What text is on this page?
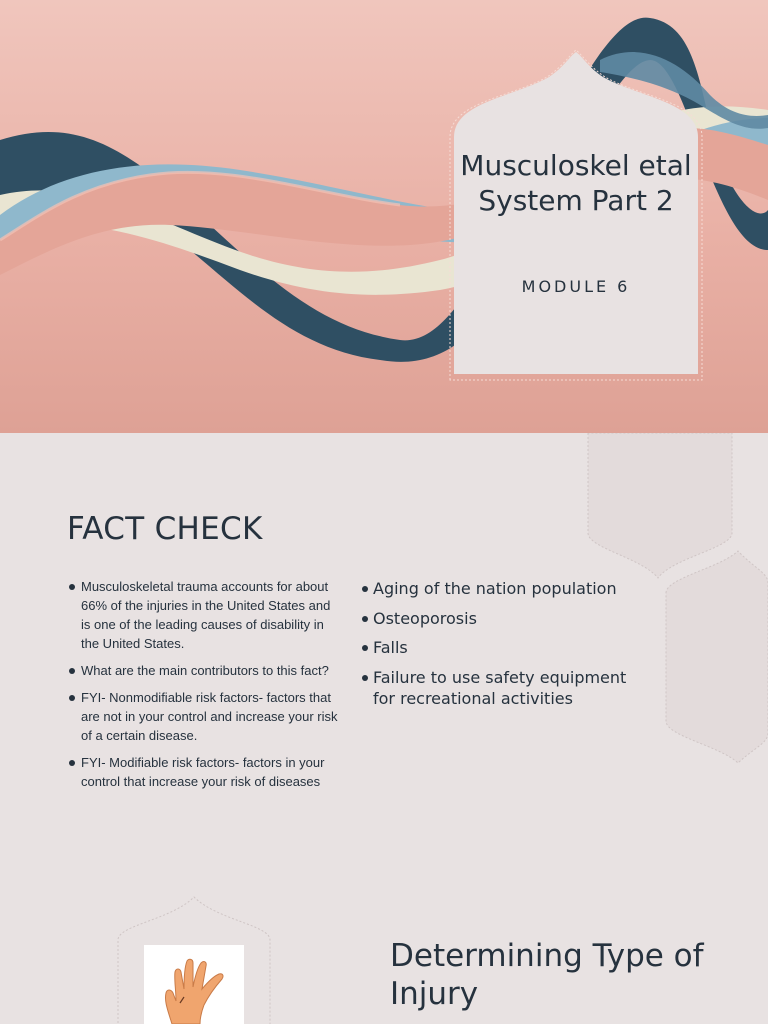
Musculoskel etal System Part 2
MODULE 6
FACT CHECK
Musculoskeletal trauma accounts for about 66% of the injuries in the United States and is one of the leading causes of disability in the United States.
What are the main contributors to this fact?
FYI- Nonmodifiable risk factors- factors that are not in your control and increase your risk of a certain disease.
FYI- Modifiable risk factors- factors in your control that increase your risk of diseases
Aging of the nation population
Osteoporosis
Falls
Failure to use safety equipment for recreational activities
Determining Type of Injury
